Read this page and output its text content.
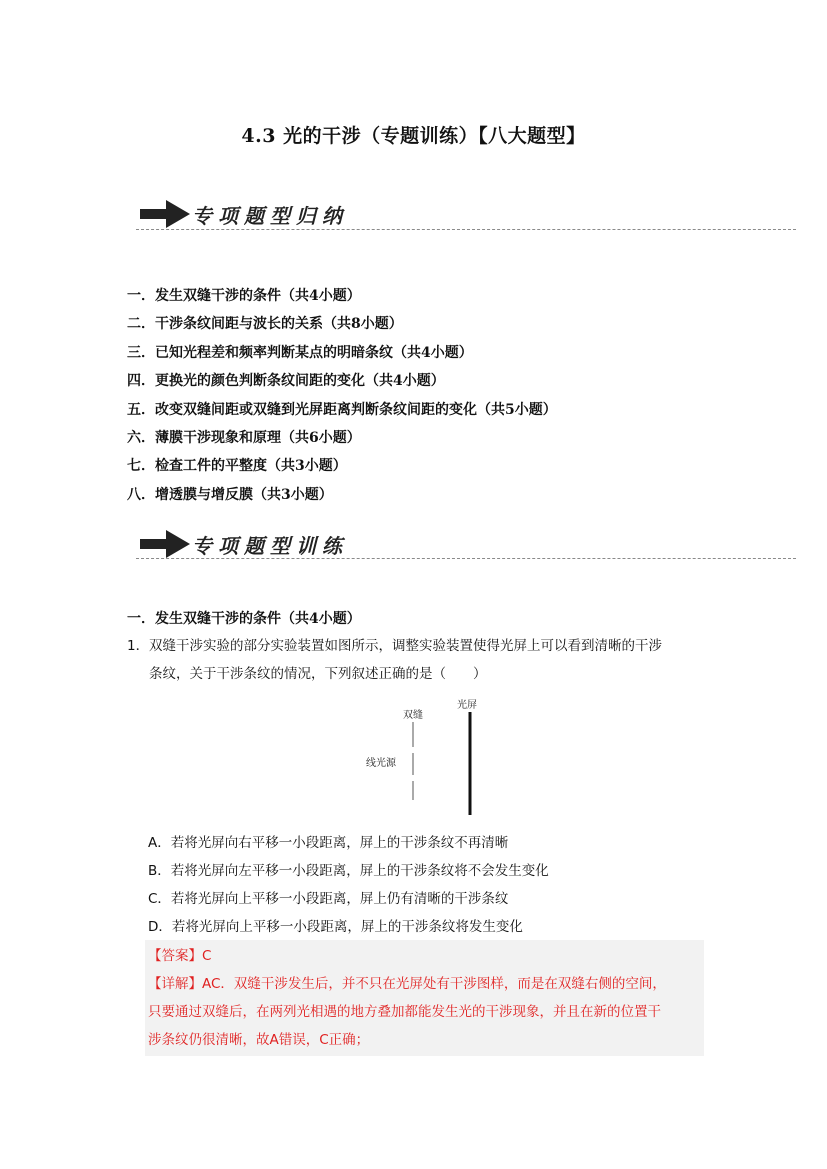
4.3 光的干涉（专题训练）【八大题型】
专项题型归纳
一．发生双缝干涉的条件（共4小题）
二．干涉条纹间距与波长的关系（共8小题）
三．已知光程差和频率判断某点的明暗条纹（共4小题）
四．更换光的颜色判断条纹间距的变化（共4小题）
五．改变双缝间距或双缝到光屏距离判断条纹间距的变化（共5小题）
六．薄膜干涉现象和原理（共6小题）
七．检查工件的平整度（共3小题）
八．增透膜与增反膜（共3小题）
专项题型训练
一．发生双缝干涉的条件（共4小题）
1． 双缝干涉实验的部分实验装置如图所示，调整实验装置使得光屏上可以看到清晰的干涉
条纹，关于干涉条纹的情况，下列叙述正确的是（　　）
双缝
光屏
线光源
A．若将光屏向右平移一小段距离，屏上的干涉条纹不再清晰
B．若将光屏向左平移一小段距离，屏上的干涉条纹将不会发生变化
C．若将光屏向上平移一小段距离，屏上仍有清晰的干涉条纹
D．若将光屏向上平移一小段距离，屏上的干涉条纹将发生变化
【答案】C
【详解】AC．双缝干涉发生后，并不只在光屏处有干涉图样，而是在双缝右侧的空间，
只要通过双缝后，在两列光相遇的地方叠加都能发生光的干涉现象，并且在新的位置干
涉条纹仍很清晰，故A错误，C正确；
